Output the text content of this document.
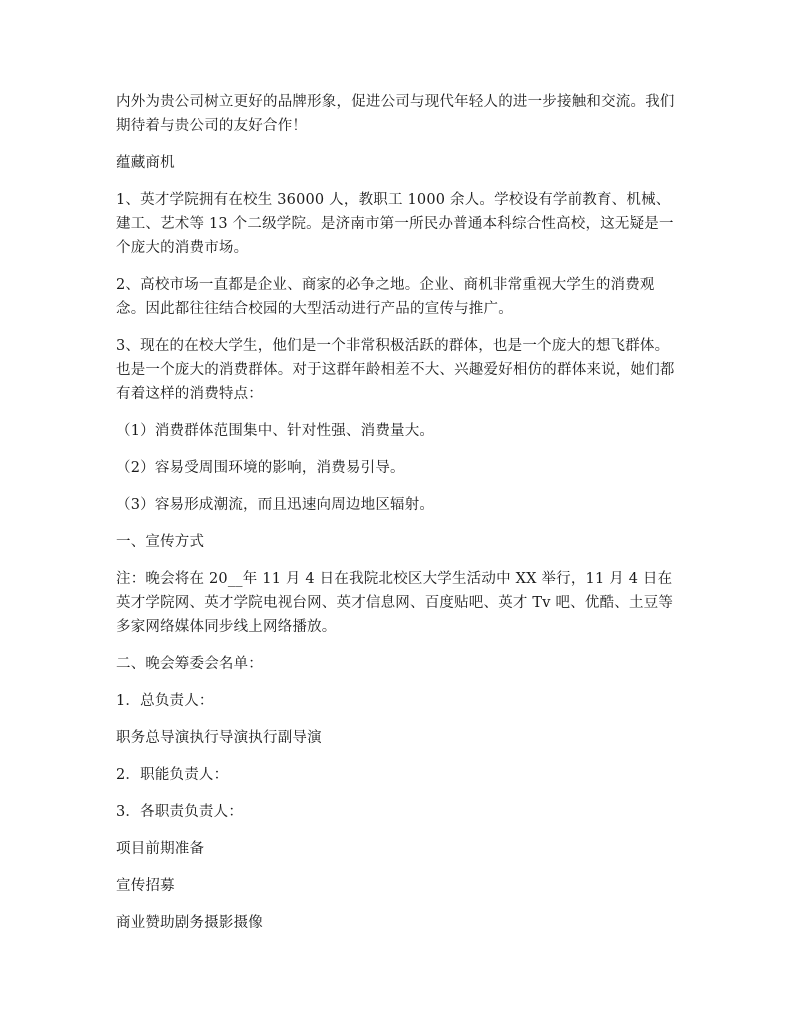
内外为贵公司树立更好的品牌形象，促进公司与现代年轻人的进一步接触和交流。我们期待着与贵公司的友好合作！

蕴藏商机

1、英才学院拥有在校生 36000 人，教职工 1000 余人。学校设有学前教育、机械、建工、艺术等 13 个二级学院。是济南市第一所民办普通本科综合性高校，这无疑是一个庞大的消费市场。

2、高校市场一直都是企业、商家的必争之地。企业、商机非常重视大学生的消费观念。因此都往往结合校园的大型活动进行产品的宣传与推广。

3、现在的在校大学生，他们是一个非常积极活跃的群体，也是一个庞大的想飞群体。也是一个庞大的消费群体。对于这群年龄相差不大、兴趣爱好相仿的群体来说，她们都有着这样的消费特点：

（1）消费群体范围集中、针对性强、消费量大。

（2）容易受周围环境的影响，消费易引导。

（3）容易形成潮流，而且迅速向周边地区辐射。

一、宣传方式

注：晚会将在 20__年 11 月 4 日在我院北校区大学生活动中 XX 举行，11 月 4 日在英才学院网、英才学院电视台网、英才信息网、百度贴吧、英才 Tv 吧、优酷、土豆等多家网络媒体同步线上网络播放。

二、晚会筹委会名单：

1．总负责人：

职务总导演执行导演执行副导演

2．职能负责人：

3．各职责负责人：

项目前期准备

宣传招募

商业赞助剧务摄影摄像
